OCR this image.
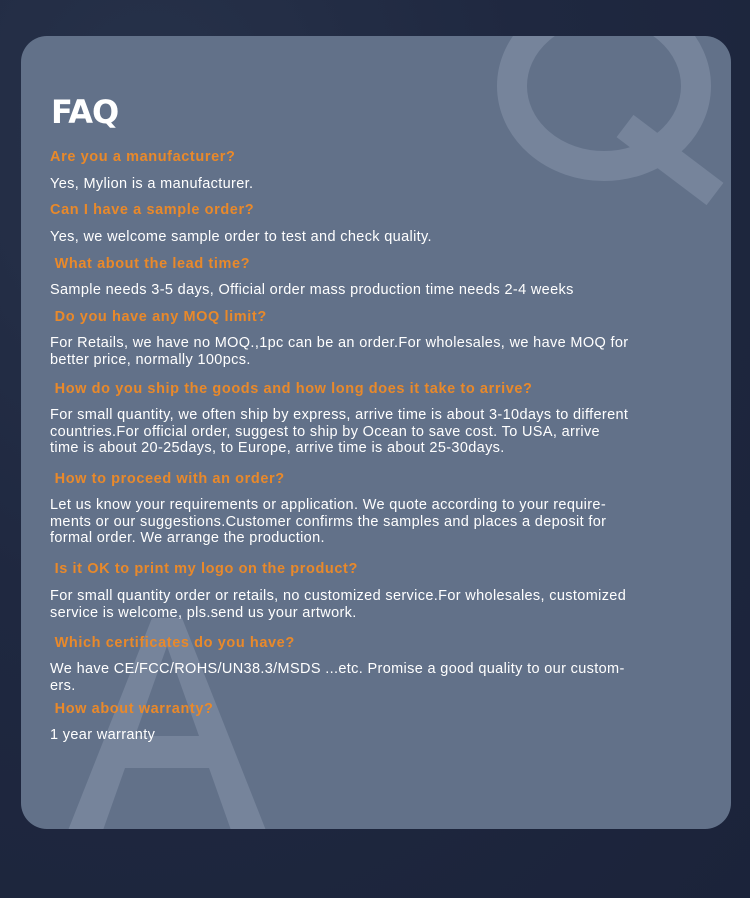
FAQ

Are you a manufacturer?

Yes, Mylion is a manufacturer.

Can I have a sample order?

Yes, we welcome sample order to test and check quality.

What about the lead time?

Sample needs 3-5 days, Official order mass production time needs 2-4 weeks

Do you have any MOQ limit?

For Retails, we have no MOQ.,1pc can be an order.For wholesales, we have MOQ for
better price, normally 100pcs.

How do you ship the goods and how long does it take to arrive?

For small quantity, we often ship by express, arrive time is about 3-10days to different
countries.For official order, suggest to ship by Ocean to save cost. To USA, arrive
time is about 20-25days, to Europe, arrive time is about 25-30days.

How to proceed with an order?

Let us know your requirements or application. We quote according to your require-
ments or our suggestions.Customer confirms the samples and places a deposit for
formal order. We arrange the production.

Is it OK to print my logo on the product?

For small quantity order or retails, no customized service.For wholesales, customized
service is welcome, pls.send us your artwork.

Which certificates do you have?

We have CE/FCC/ROHS/UN38.3/MSDS ...etc. Promise a good quality to our custom-
ers.

How about warranty?

1 year warranty
